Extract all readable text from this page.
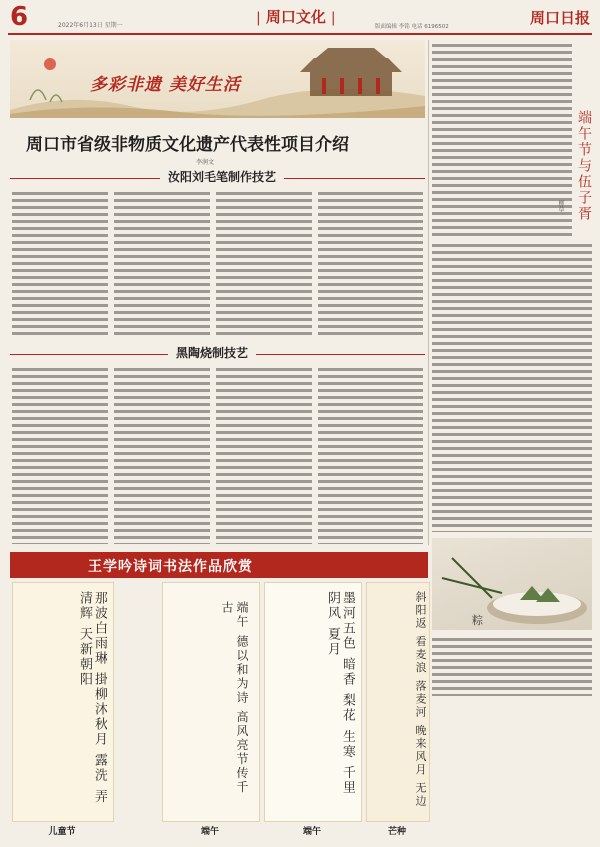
6	2022年6月13日 星期一	| 周口文化 |
版面编辑 李铭 电话 6196502	周口日报
多彩非遗 美好生活
周口市省级非物质文化遗产代表性项目介绍
李润文
汝阳刘毛笔制作技艺
黑陶烧制技艺
端午节与伍子胥
柳草
粽
王学吟诗词书法作品欣赏
那波白雨琳 掛柳沐秋月 露洗 弄清辉 天新朝阳
儿童节
端午 德以和为诗 高风亮节传千古
端午
墨河五色 暗香 梨花 生寒 千里 阴风 夏月
端午
斜阳返 看麦浪 落麦河 晚来风月 无边
芒种
